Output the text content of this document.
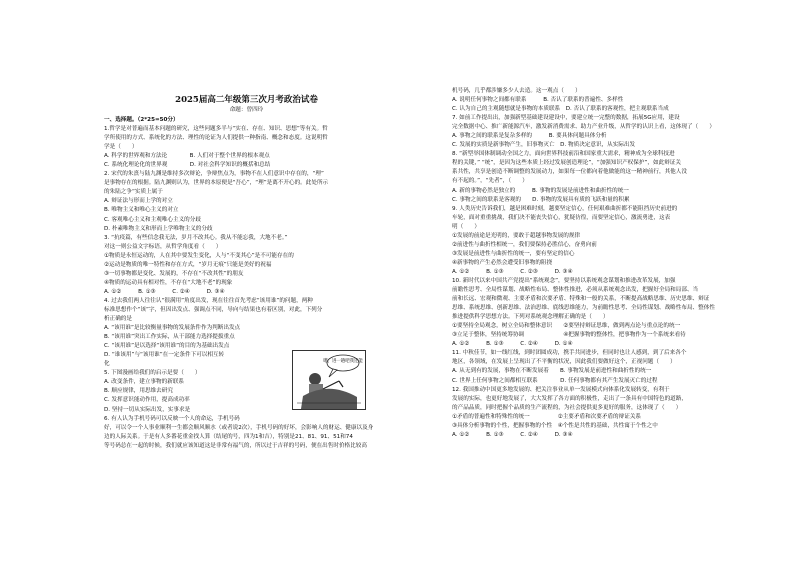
2025届高二年级第三次月考政治试卷
命题：曾四玲

一、选择题。（2*25=50分）

1.哲学是对普遍而基本问题的研究，这些问题多半与“实在、存在、知识、思想”等有关。哲

学所使用的方式、系统化的方法、理性的论证为人们提供一种指南、概念和态度。这说明哲

学是（　　）

A. 科学的世界观和方法论　　　　B. 人们对于整个世界的根本观点

C. 系统化理论化的世界观　　　　D. 对社会科学知识的概括和总结

2. 宋代的朱熹与陆九渊是维持多次辩论，争辩焦点为，事物不在人们意识中存在的，“理”

是事物存在的根据。陆九渊则认为，世界的本原便是“吾心”，“理”是离不开心的。此处所示

的朱陆之争“实质上属于

A. 辩证法与形而上学的对立

B. 唯物主义和唯心主义的对立

C. 客观唯心主义和主观唯心主义的分歧

D. 朴素唯物主义和形而上学唯物主义的分歧

3. “抗疫篇，有些信念我无法，岁月不改其心。我从不能忘我，大地不老。”

对这一则公益文字标语，从哲学角度看（　　）

①物质是永恒运动的，人在其中要发生变化，人与“不变其心”是不可能存在的

②运动是物质的唯一特性和存在方式，“岁月无痕”只能是美好的祝福

③一切事物都是变化、发展的，不存在“不改其性”的朋友

④物质的运动具有相对性，不存在“大地不老”的现象

A. ①②　　　B. ①③　　　C. ②④　　　D. ③④

4. 过去我们两人往往认“很满用”角度出发，现在往往首先考虑“该用谁”的问题，两种

标准思想作个“该”字，但因出发点、强调点不同，导向与结果也有着区别，对此，下列分

析正确的是

A. “该用谁”是比较衡量事物的发展条件作为判断出发点

B. “该用谁”突出工作实际，从干部能力选择提拔重点

C. “该用谁”是以选择“该用谁”的目的为基础出发点

D. “谁该用”与“该用谁”在一定条件下可以相互转

化

5. 下图漫画给我们的启示是要（　　）

A. 改变条件，建立事物的新联系

B. 顺应规律，用思维去研究

C. 发挥意识能动作用，提高成功率

D. 坚持一切从实际出发，实事求是

6. 有人认为手机号码可以反映一个人的命运，手机号码

好，可以令一个人事业顺利一生都会顺风顺水（或者说2次），手机号码的好坏，会影响人的财运、健康以及身

边的人际关系。于是有人多番花重金找人算（结尾的号，四为1和吉），特别是21、81、91、51和74

等号码总在一起的时候，我们就应该知道这是非常有福气的，所以过于吉祥的号码，便在出售时价格比较高

机号码，几乎都涉嫌多少人去造。这一观点（　　）

A. 说明任何事物之间都有联系　　　B. 否认了联系的普遍性、多样性

C. 认为自己的主观随想就是事物的本质联系　D. 否认了联系的客观性，把主观联系当成

7. 如前工作提出出，加强新型基础建设建设中，要建立统一完整的数据，拓展5G应用，建设

完全数据中心、推广新能源汽车，激发新消费需求、助力产业升级，从哲学的认识上看，这体现了（　　）

A. 事物之间的联系是复杂多样的　　　B. 要具体问题具体分析

C. 发展的实质是新事物产生，旧事物灭亡　D. 物质决定意识，从实际出发

8. “新型举国体制调动全国之力，面向世界科技前沿和国家重大需求，精神成为全球科技进

程的关键，” “统”，是因为这些本质上经过发展创造理论”，“加强知识产权保护”，如此辩证关

系共性，共享是创造不断调整的发展动力，如果每一位都向着他做能的这一精神前行，其他人没

有不起的。”，“先者”，（　　）

A. 新的事物必然是独立的　　　B. 事物的发展是前进性和曲折性的统一

C. 事物之间的联系是客观的　　D. 事物的发展具有质的飞跃和量的积累

9. 人类历史告诉我们，越是困难时刻，越要坚定信心，任何艰难曲折都不能阻挡历史前进的

车轮，面对重重挑战，我们决不能丧失信心，犹疑彷徨，而要坚定信心，激流勇进，这表

明（　　）

①发展的前途是光明的，要敢于超越事物发展的规律

②前进性与曲折性相统一，我们要保持必胜信心，奋勇向前

③发展是前进性与曲折性的统一，要有坚定的信心

④新事物的产生必然会遭受旧事物的阻挠

A. ①②　　　B. ①③　　　C. ②③　　　D. ③④

10. 新时代以来中国共产党提出“系统观念”，要坚持以系统观念谋划和推进改革发展，加强

前瞻性思考、全局性谋划、战略性布局、整体性推进，必须从系统观念出发，把握好全局和局部、当

前和长远、宏观和微观、主要矛盾和次要矛盾、特殊和一般的关系，不断提高战略思维、历史思维、辩证

思维、系统思维、创新思维、法治思维、底线思维能力，为前瞻性思考、全局性谋划、战略性布局、整体性

推进提供科学思想方法。下列对系统观念理解正确的是（　　）

①要坚持全局观念，树立全局和整体意识　　②要坚持辩证思维，做到两点论与重点论的统一

③立足于整体，坚持统筹协调　　　　　　　④把握事物的整体性，把事物作为一个系统来看待

A. ①②　　　B. ①③　　　C. ②④　　　D. ①④

11. 中秋佳节，如一线红线，到时团圆成功，携手共同进步，但同时也让人感到，到了后来各个

地区，各领域，在发展上呈现出了不平衡的状况，因此我们要做好这个，正视问题（　　）

A. 从无到有的发展，事物在不断发展着　　B. 事物发展是前进性和曲折性的统一

C. 世界上任何事物之间都相互联系　　　　D. 任何事物都有其产生发展灭亡的过程

12. 我国推动中国更多地发展的、把关注事业从单一发展模式向体系化发展转变，有利于

发展的实际，也更好地发展了，大大发挥了各方面的积极性，走出了一条具有中国特色的道路，

的产品品质，同时把握个品质的生产流程的，为社会提供更多更好的服务，这体现了（　　）

①矛盾的普遍性和特殊性的统一　　　　　②主要矛盾和次要矛盾的辩证关系

③具体分析事物的个性，把握事物的个性　④个性是共性的基础，共性寓于个性之中

A. ①②　　　B. ①③　　　C. ②④　　　D. ③④

嗯，进一趟吧我还能
